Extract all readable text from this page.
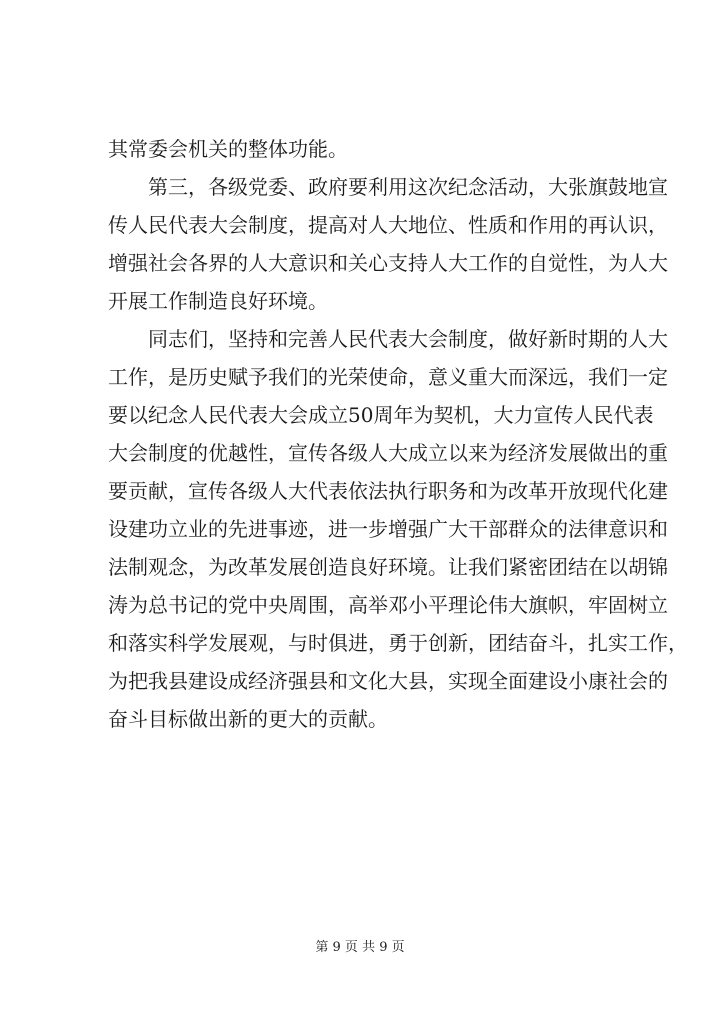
其常委会机关的整体功能。
　　第三，各级党委、政府要利用这次纪念活动，大张旗鼓地宣
传人民代表大会制度，提高对人大地位、性质和作用的再认识，
增强社会各界的人大意识和关心支持人大工作的自觉性，为人大
开展工作制造良好环境。
　　同志们，坚持和完善人民代表大会制度，做好新时期的人大
工作，是历史赋予我们的光荣使命，意义重大而深远，我们一定
要以纪念人民代表大会成立50周年为契机，大力宣传人民代表
大会制度的优越性，宣传各级人大成立以来为经济发展做出的重
要贡献，宣传各级人大代表依法执行职务和为改革开放现代化建
设建功立业的先进事迹，进一步增强广大干部群众的法律意识和
法制观念，为改革发展创造良好环境。让我们紧密团结在以胡锦
涛为总书记的党中央周围，高举邓小平理论伟大旗帜，牢固树立
和落实科学发展观，与时俱进，勇于创新，团结奋斗，扎实工作，
为把我县建设成经济强县和文化大县，实现全面建设小康社会的
奋斗目标做出新的更大的贡献。
第 9 页 共 9 页
